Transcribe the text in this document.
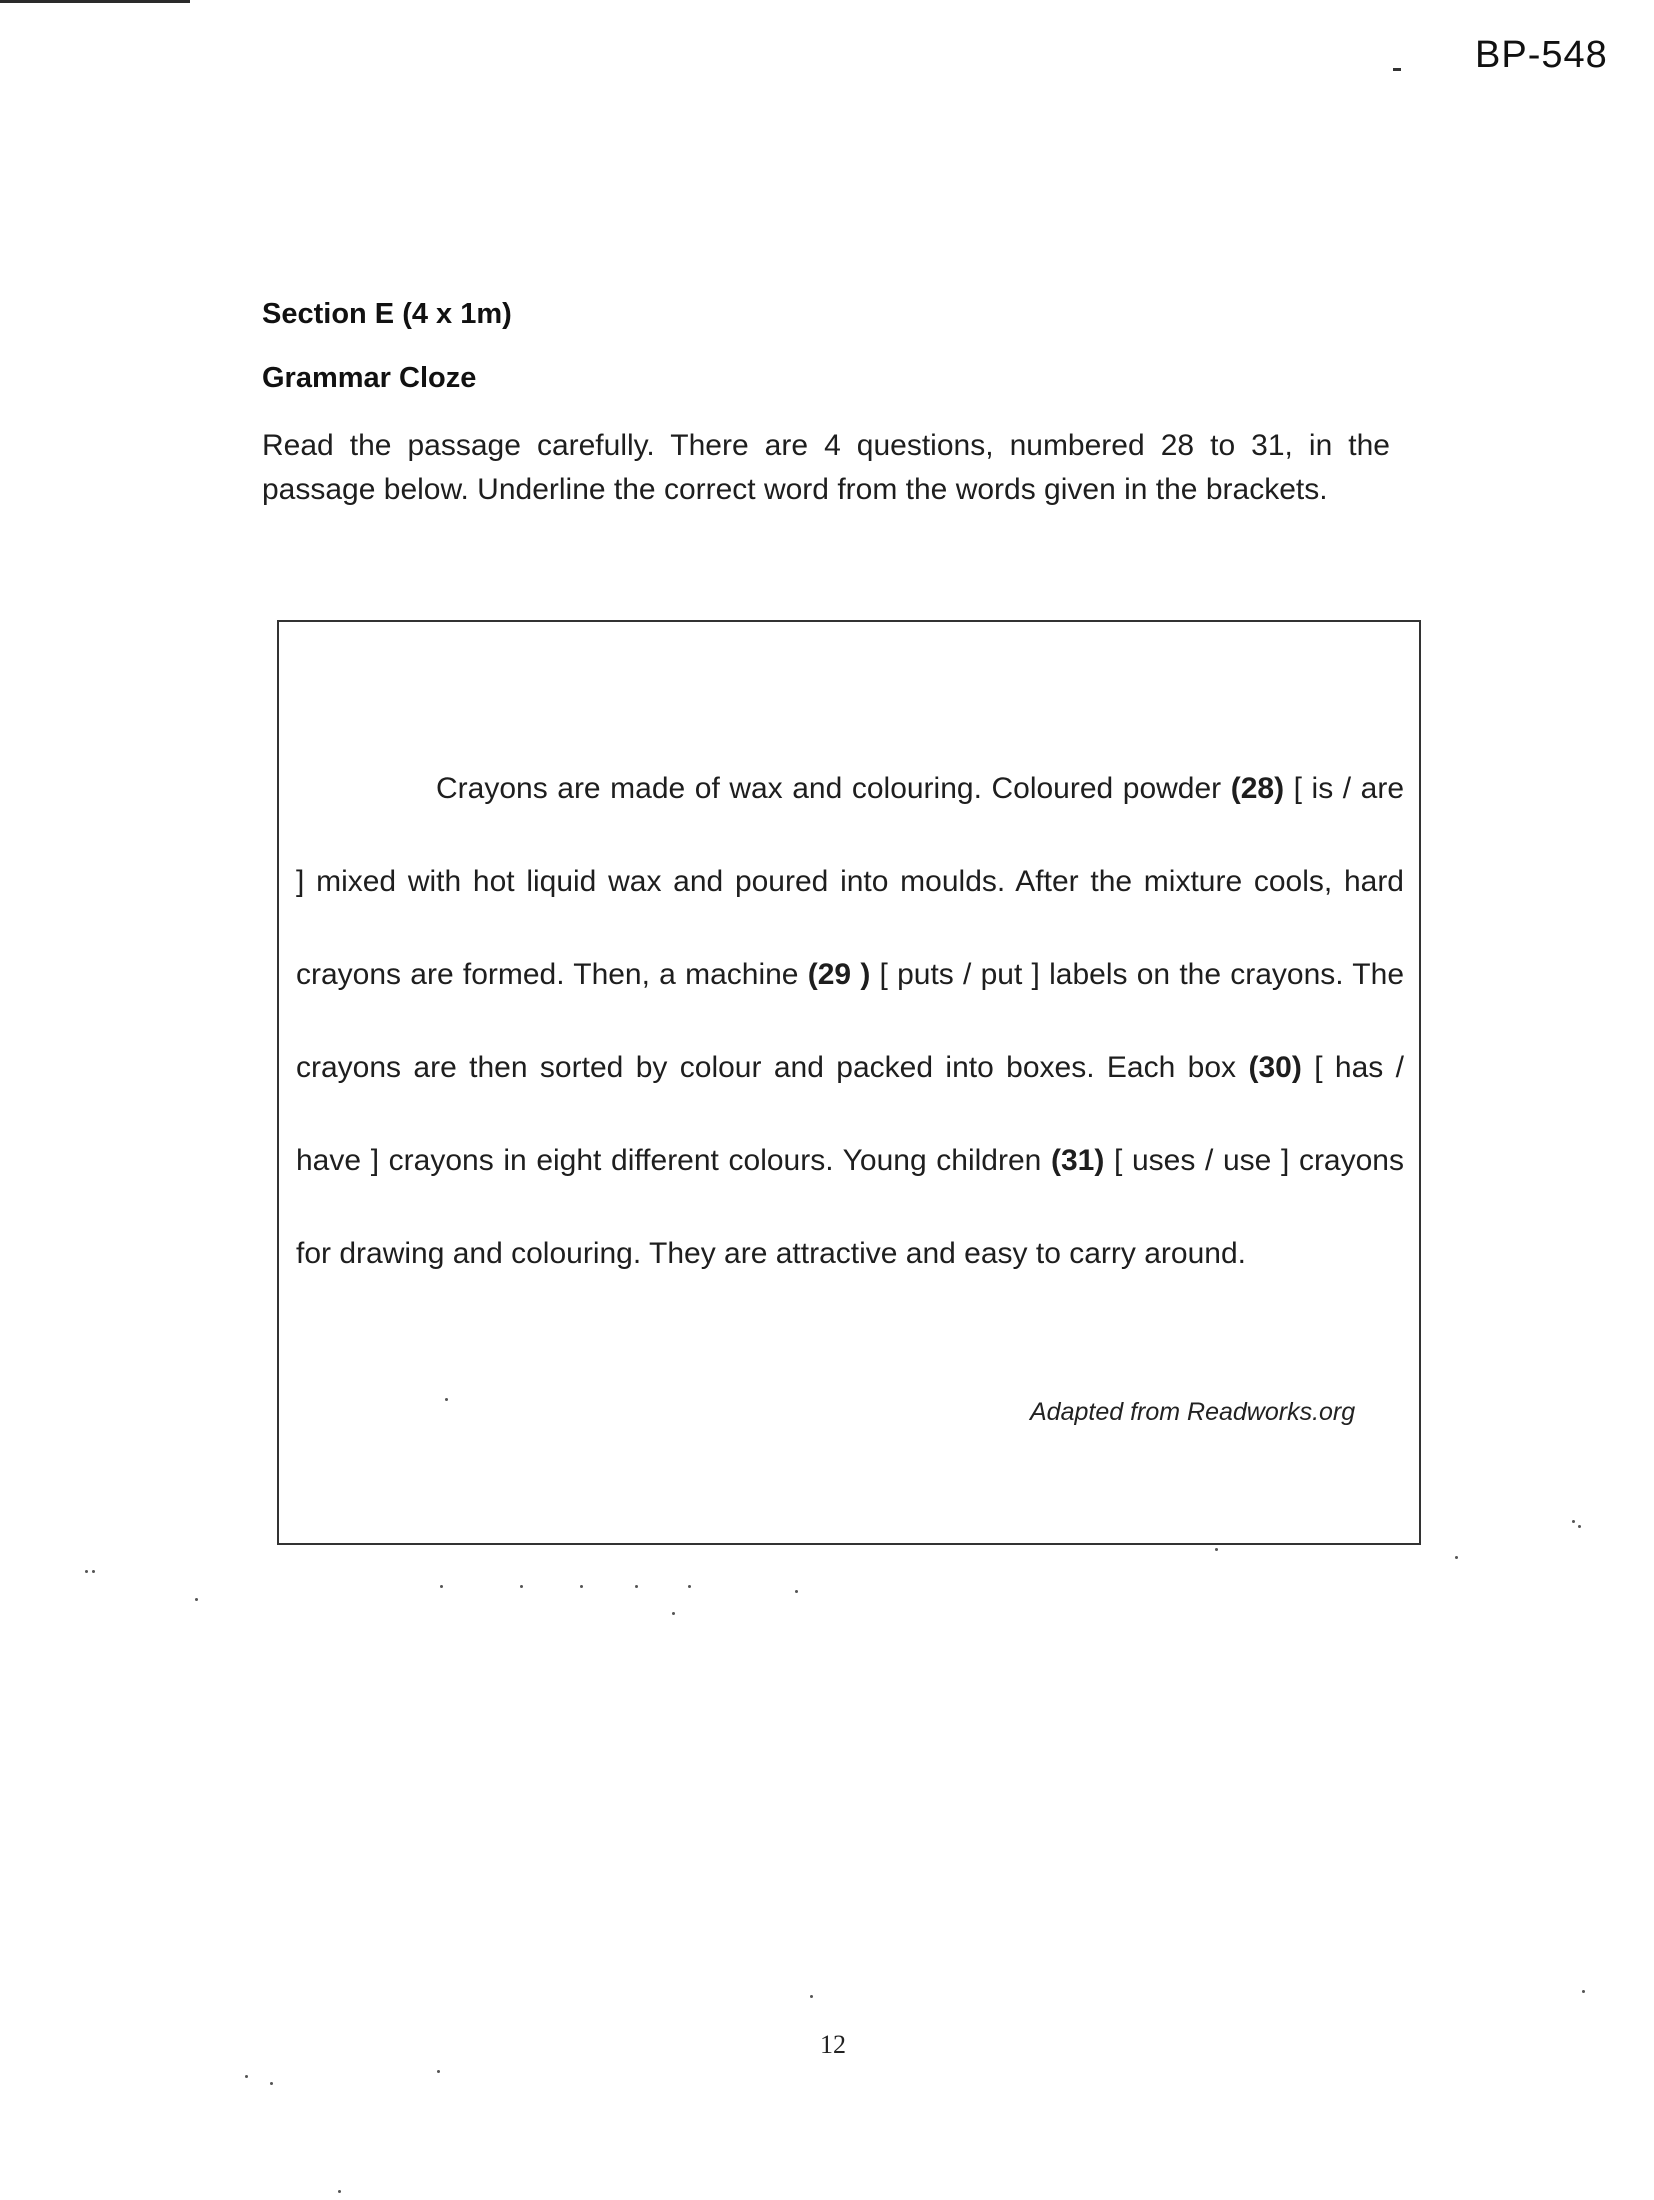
BP-548
Section E (4 x 1m)
Grammar Cloze
Read the passage carefully. There are 4 questions, numbered 28 to 31, in the passage below. Underline the correct word from the words given in the brackets.
Crayons are made of wax and colouring. Coloured powder (28) [ is / are ] mixed with hot liquid wax and poured into moulds. After the mixture cools, hard crayons are formed. Then, a machine (29 ) [ puts / put ] labels on the crayons. The crayons are then sorted by colour and packed into boxes. Each box (30) [ has / have ] crayons in eight different colours. Young children (31) [ uses / use ] crayons for drawing and colouring. They are attractive and easy to carry around.
Adapted from Readworks.org
12
